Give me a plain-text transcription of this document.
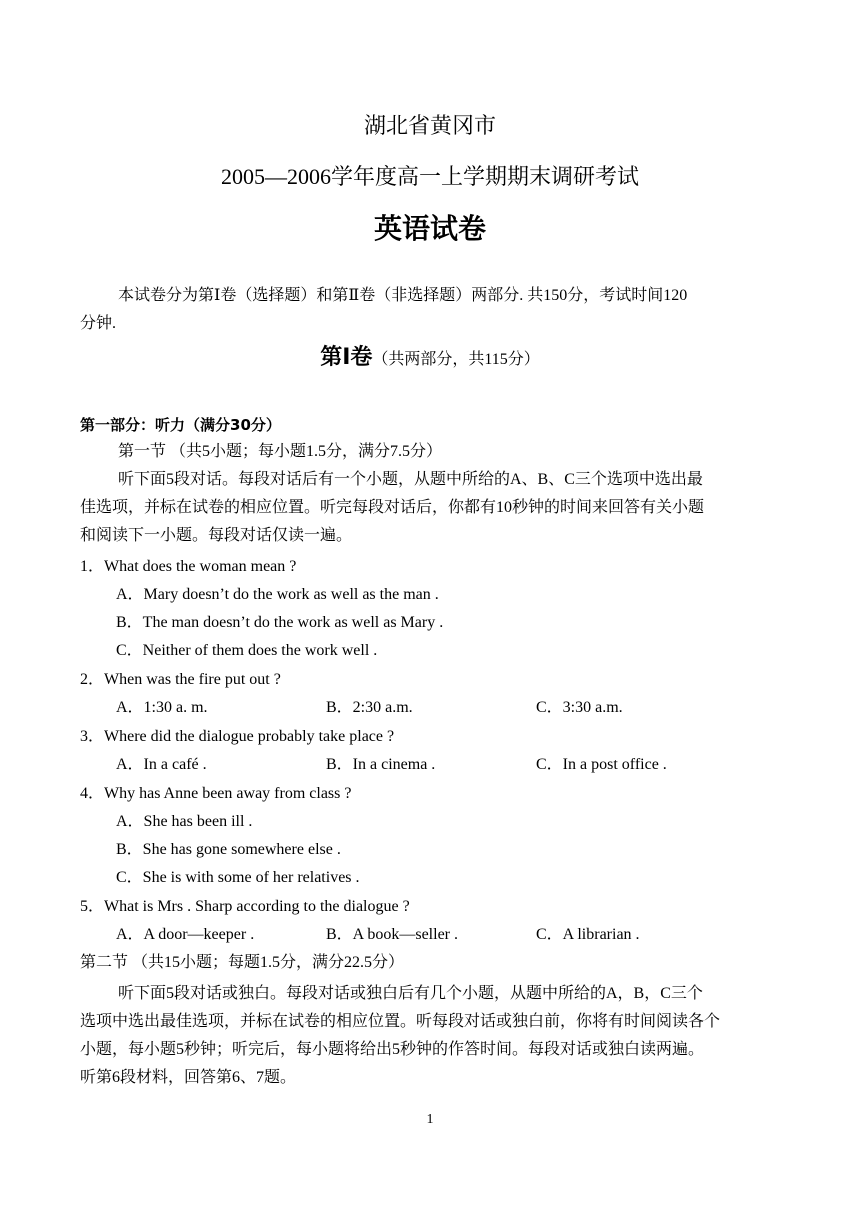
湖北省黄冈市
2005—2006学年度高一上学期期末调研考试
英语试卷
本试卷分为第Ⅰ卷（选择题）和第Ⅱ卷（非选择题）两部分. 共150分，考试时间120
分钟.
第Ⅰ卷（共两部分，共115分）
第一部分：听力（满分30分）
第一节 （共5小题；每小题1.5分，满分7.5分）
听下面5段对话。每段对话后有一个小题，从题中所给的A、B、C三个选项中选出最
佳选项，并标在试卷的相应位置。听完每段对话后，你都有10秒钟的时间来回答有关小题
和阅读下一小题。每段对话仅读一遍。
1．What does the woman mean ?
A．Mary doesn’t do the work as well as the man .
B．The man doesn’t do the work as well as Mary .
C．Neither of them does the work well .
2．When was the fire put out ?
A．1:30 a. m.	B．2:30 a.m.	C．3:30 a.m.
3．Where did the dialogue probably take place ?
A．In a café .	B．In a cinema .	C．In a post office .
4．Why has Anne been away from class ?
A．She has been ill .
B．She has gone somewhere else .
C．She is with some of her relatives .
5．What is Mrs . Sharp according to the dialogue ?
A．A door—keeper .	B．A book—seller .	C．A librarian .
第二节 （共15小题；每题1.5分，满分22.5分）
听下面5段对话或独白。每段对话或独白后有几个小题，从题中所给的A，B，C三个
选项中选出最佳选项，并标在试卷的相应位置。听每段对话或独白前，你将有时间阅读各个
小题，每小题5秒钟；听完后，每小题将给出5秒钟的作答时间。每段对话或独白读两遍。
听第6段材料，回答第6、7题。
1
